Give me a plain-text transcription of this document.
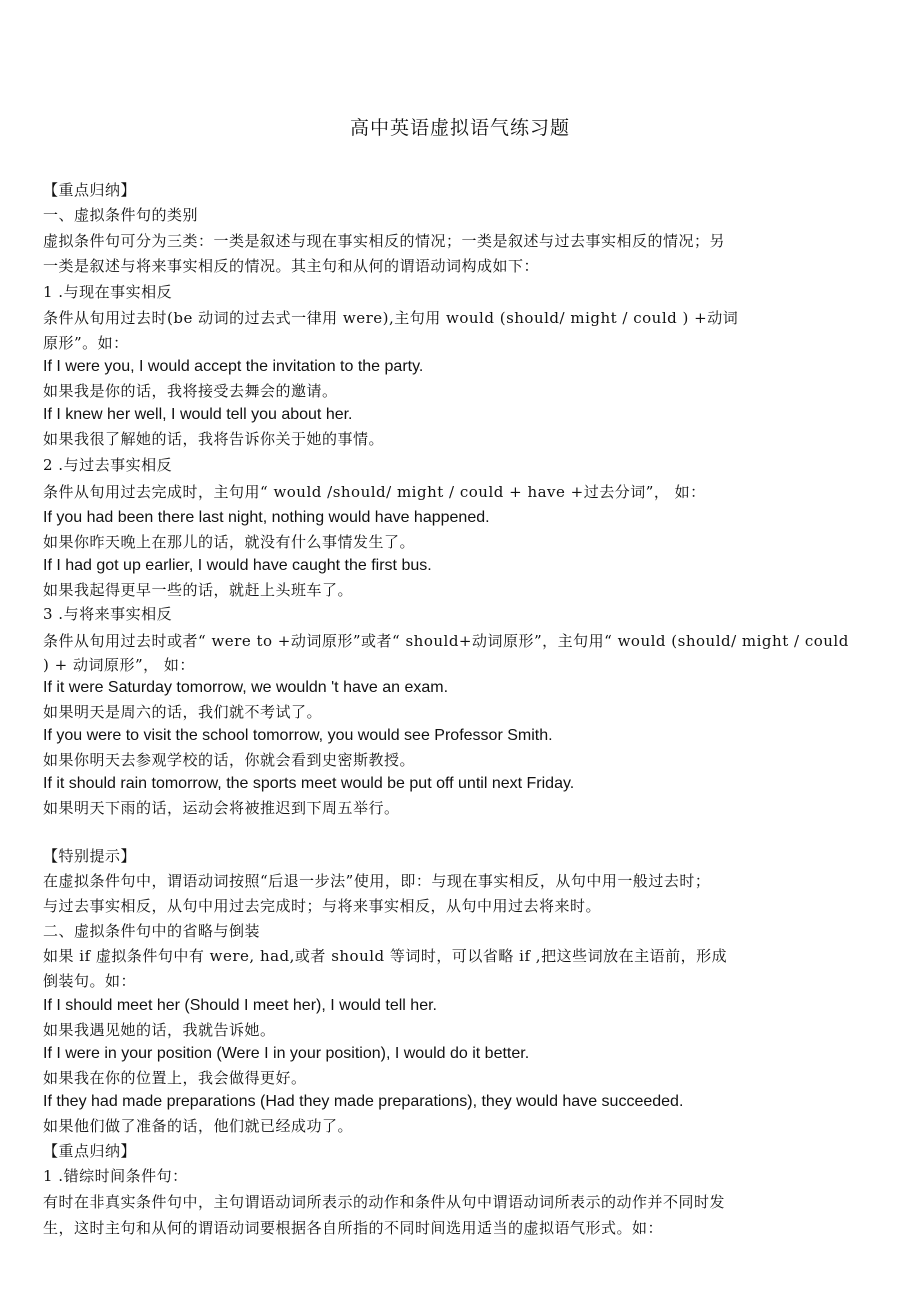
高中英语虚拟语气练习题
【重点归纳】
一、虚拟条件句的类别
虚拟条件句可分为三类：一类是叙述与现在事实相反的情况；一类是叙述与过去事实相反的情况；另
一类是叙述与将来事实相反的情况。其主句和从何的谓语动词构成如下：
1 .与现在事实相反
条件从旬用过去时(be 动词的过去式一律用 were),主句用 would (should/ might / could ) +动词
原形”。如：
If I were you, I would accept the invitation to the party.
如果我是你的话，我将接受去舞会的邀请。
If I knew her well, I would tell you about her.
如果我很了解她的话，我将告诉你关于她的事情。
2 .与过去事实相反
条件从旬用过去完成时，主句用“ would /should/ might / could + have +过去分词”， 如：
If you had been there last night, nothing would have happened.
如果你昨天晚上在那儿的话，就没有什么事情发生了。
If I had got up earlier, I would have caught the first bus.
如果我起得更早一些的话，就赶上头班车了。
3 .与将来事实相反
条件从旬用过去时或者“ were to +动词原形”或者“ should+动词原形”，主句用“ would (should/ might / could
) + 动词原形”， 如：
If it were Saturday tomorrow, we wouldn 't have an exam.
如果明天是周六的话，我们就不考试了。
If you were to visit the school tomorrow, you would see Professor Smith.
如果你明天去参观学校的话，你就会看到史密斯教授。
If it should rain tomorrow, the sports meet would be put off until next Friday.
如果明天下雨的话，运动会将被推迟到下周五举行。
【特别提示】
在虚拟条件句中，谓语动词按照“后退一步法”使用，即：与现在事实相反，从句中用一般过去时；
与过去事实相反，从句中用过去完成时；与将来事实相反，从句中用过去将来时。
二、虚拟条件句中的省略与倒装
如果 if 虚拟条件句中有 were, had,或者 should 等词时，可以省略 if ,把这些词放在主语前，形成
倒装句。如：
If I should meet her (Should I meet her), I would tell her.
如果我遇见她的话，我就告诉她。
If I were in your position (Were I in your position), I would do it better.
如果我在你的位置上，我会做得更好。
If they had made preparations (Had they made preparations), they would have succeeded.
如果他们做了准备的话，他们就已经成功了。
【重点归纳】
1 .错综时间条件句：
有时在非真实条件句中，主句谓语动词所表示的动作和条件从句中谓语动词所表示的动作并不同时发
生，这时主句和从何的谓语动词要根据各自所指的不同时间选用适当的虚拟语气形式。如：
